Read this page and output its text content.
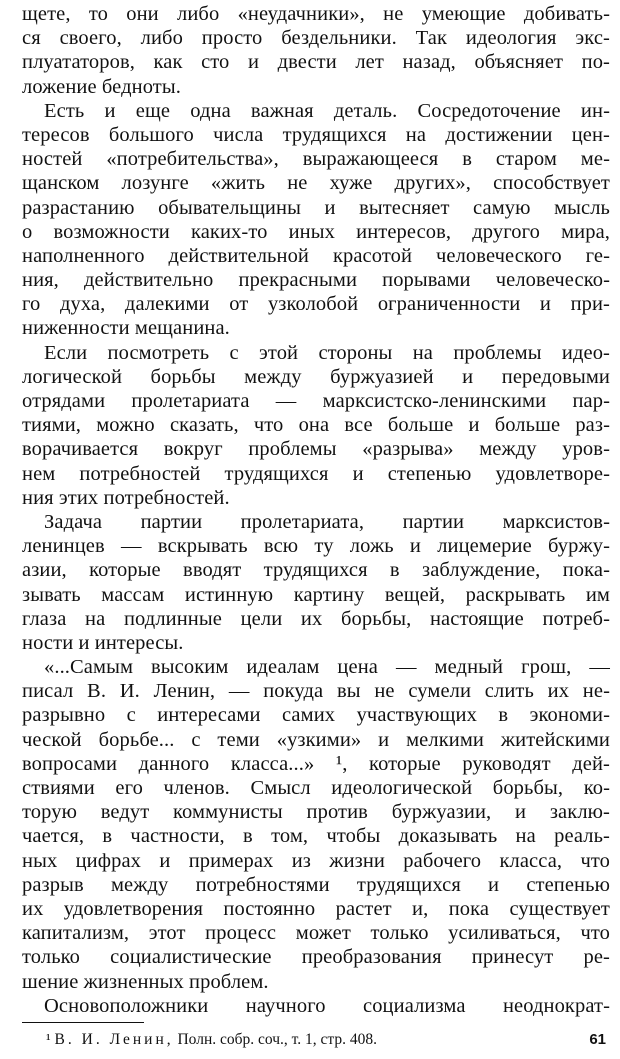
щете, то они либо «неудачники», не умеющие добивать-
ся своего, либо просто бездельники. Так идеология экс-
плуататоров, как сто и двести лет назад, объясняет по-
ложение бедноты.
Есть и еще одна важная деталь. Сосредоточение ин-
тересов большого числа трудящихся на достижении цен-
ностей «потребительства», выражающееся в старом ме-
щанском лозунге «жить не хуже других», способствует
разрастанию обывательщины и вытесняет самую мысль
о возможности каких-то иных интересов, другого мира,
наполненного действительной красотой человеческого ге-
ния, действительно прекрасными порывами человеческо-
го духа, далекими от узколобой ограниченности и при-
ниженности мещанина.
Если посмотреть с этой стороны на проблемы идео-
логической борьбы между буржуазией и передовыми
отрядами пролетариата — марксистско-ленинскими пар-
тиями, можно сказать, что она все больше и больше раз-
ворачивается вокруг проблемы «разрыва» между уров-
нем потребностей трудящихся и степенью удовлетворе-
ния этих потребностей.
Задача партии пролетариата, партии марксистов-
ленинцев — вскрывать всю ту ложь и лицемерие буржу-
азии, которые вводят трудящихся в заблуждение, пока-
зывать массам истинную картину вещей, раскрывать им
глаза на подлинные цели их борьбы, настоящие потреб-
ности и интересы.
«...Самым высоким идеалам цена — медный грош, —
писал В. И. Ленин, — покуда вы не сумели слить их не-
разрывно с интересами самих участвующих в экономи-
ческой борьбе... с теми «узкими» и мелкими житейскими
вопросами данного класса...» ¹, которые руководят дей-
ствиями его членов. Смысл идеологической борьбы, ко-
торую ведут коммунисты против буржуазии, и заклю-
чается, в частности, в том, чтобы доказывать на реаль-
ных цифрах и примерах из жизни рабочего класса, что
разрыв между потребностями трудящихся и степенью
их удовлетворения постоянно растет и, пока существует
капитализм, этот процесс может только усиливаться, что
только социалистические преобразования принесут ре-
шение жизненных проблем.
Основоположники научного социализма неоднократ-
¹ В. И. Ленин, Полн. собр. соч., т. 1, стр. 408.	61
